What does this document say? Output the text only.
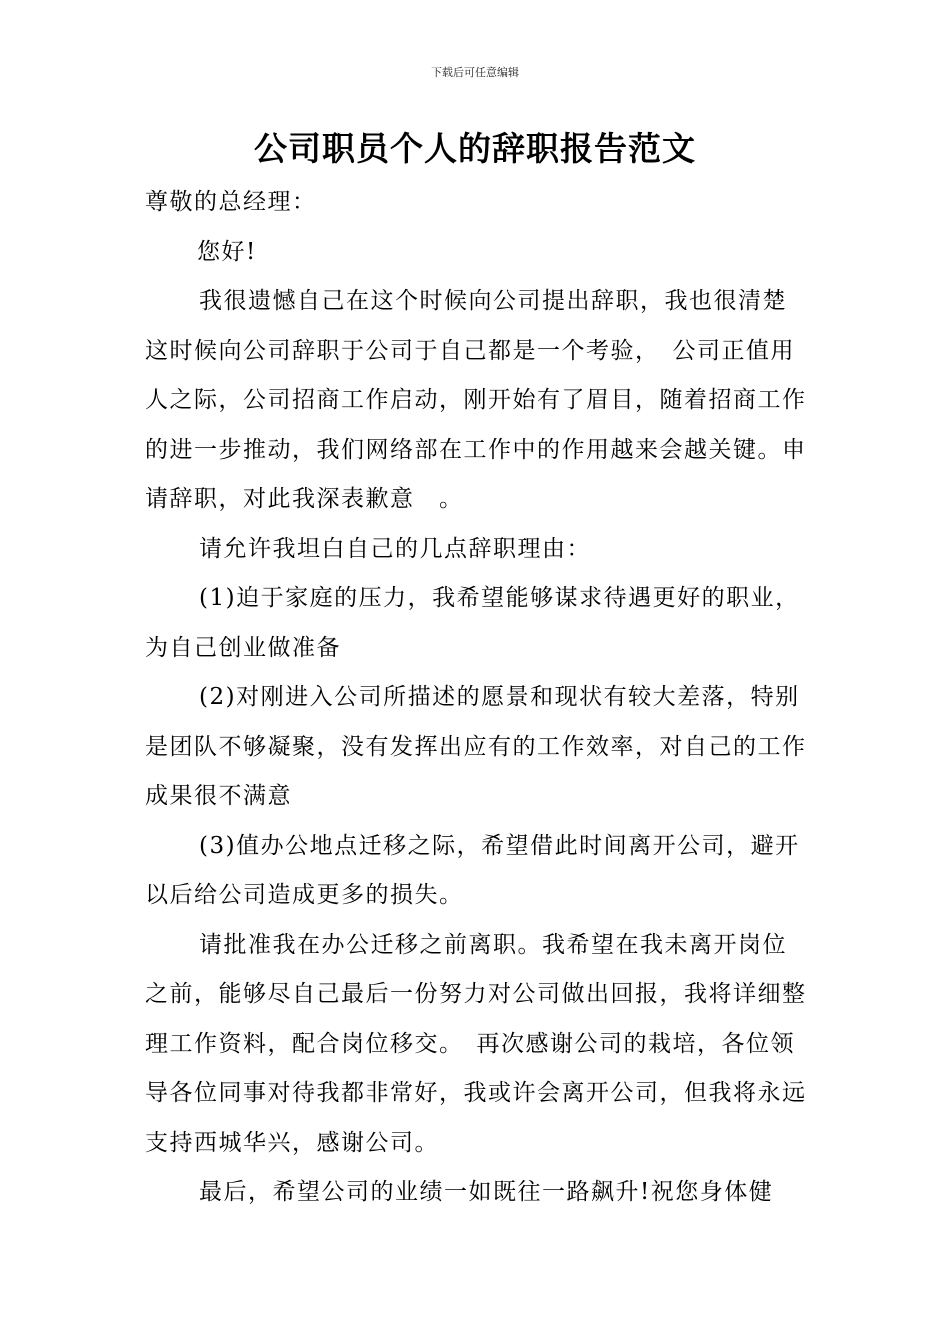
下载后可任意编辑
公司职员个人的辞职报告范文

尊敬的总经理：

您好!

我很遗憾自己在这个时候向公司提出辞职，我也很清楚这时候向公司辞职于公司于自己都是一个考验，　公司正值用人之际，公司招商工作启动，刚开始有了眉目，随着招商工作的进一步推动，我们网络部在工作中的作用越来会越关键。申请辞职，对此我深表歉意　。

请允许我坦白自己的几点辞职理由：

(1)迫于家庭的压力，我希望能够谋求待遇更好的职业，为自己创业做准备

(2)对刚进入公司所描述的愿景和现状有较大差落，特别是团队不够凝聚，没有发挥出应有的工作效率，对自己的工作成果很不满意

(3)值办公地点迁移之际，希望借此时间离开公司，避开以后给公司造成更多的损失。

请批准我在办公迁移之前离职。我希望在我未离开岗位之前，能够尽自己最后一份努力对公司做出回报，我将详细整理工作资料，配合岗位移交。　再次感谢公司的栽培，各位领导各位同事对待我都非常好，我或许会离开公司，但我将永远支持西城华兴，感谢公司。

最后，希望公司的业绩一如既往一路飙升!祝您身体健
